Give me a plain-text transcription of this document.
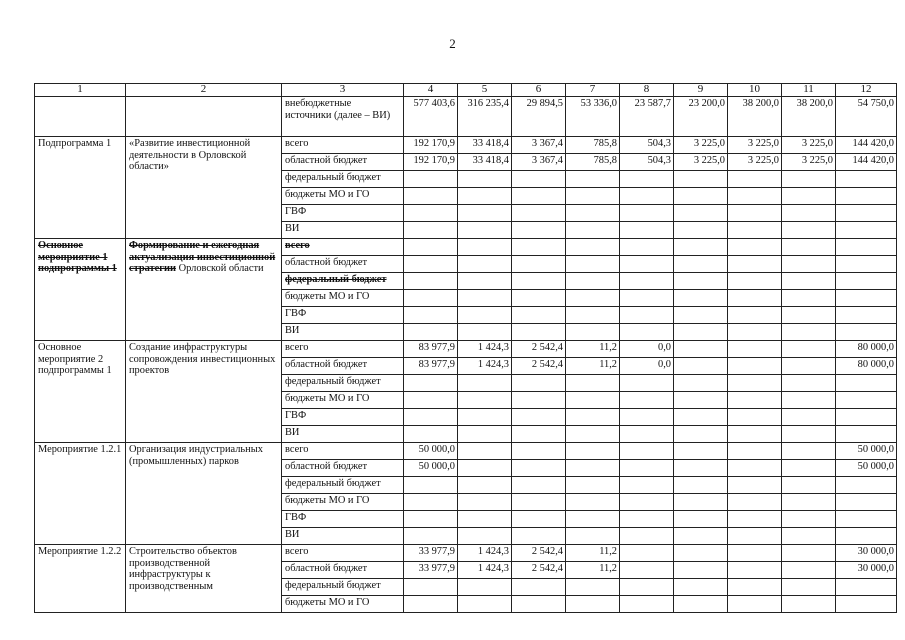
2
1	2	3	4	5	6	7	8	9	10	11	12
		внебюджетные источники (далее – ВИ)	577 403,6	316 235,4	29 894,5	53 336,0	23 587,7	23 200,0	38 200,0	38 200,0	54 750,0
Подпрограмма 1	«Развитие инвестиционной деятельности в Орловской области»	всего	192 170,9	33 418,4	3 367,4	785,8	504,3	3 225,0	3 225,0	3 225,0	144 420,0
		областной бюджет	192 170,9	33 418,4	3 367,4	785,8	504,3	3 225,0	3 225,0	3 225,0	144 420,0
		федеральный бюджет									
		бюджеты МО и ГО									
		ГВФ									
		ВИ									
Основное мероприятие 1 подпрограммы 1	Формирование и ежегодная актуализация инвестиционной стратегии Орловской области	всего									
		областной бюджет									
		федеральный бюджет									
		бюджеты МО и ГО									
		ГВФ									
		ВИ									
Основное мероприятие 2 подпрограммы 1	Создание инфраструктуры сопровождения инвестиционных проектов	всего	83 977,9	1 424,3	2 542,4	11,2	0,0				80 000,0
		областной бюджет	83 977,9	1 424,3	2 542,4	11,2	0,0				80 000,0
		федеральный бюджет									
		бюджеты МО и ГО									
		ГВФ									
		ВИ									
Мероприятие 1.2.1	Организация индустриальных (промышленных) парков	всего	50 000,0								50 000,0
		областной бюджет	50 000,0								50 000,0
		федеральный бюджет									
		бюджеты МО и ГО									
		ГВФ									
		ВИ									
Мероприятие 1.2.2	Строительство объектов производственной инфраструктуры к производственным	всего	33 977,9	1 424,3	2 542,4	11,2					30 000,0
		областной бюджет	33 977,9	1 424,3	2 542,4	11,2					30 000,0
		федеральный бюджет									
		бюджеты МО и ГО									
